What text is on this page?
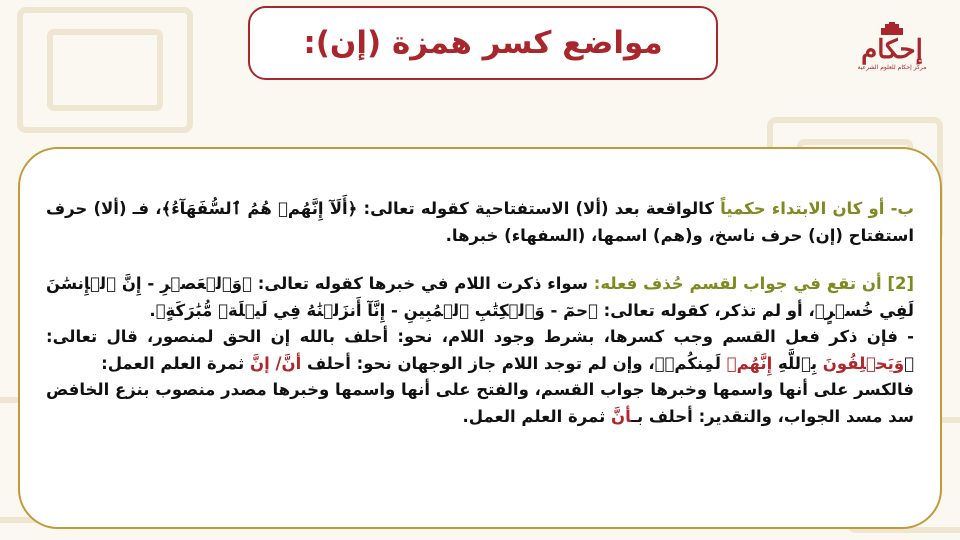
مواضع كسر همزة (إن):	إحكام
مركز إحكام للعلوم الشرعية

ب- أو كان الابتداء حكمياً كالواقعة بعد (ألا) الاستفتاحية كقوله تعالى: ﴿أَلَآ إِنَّهُمۡ هُمُ ٱلسُّفَهَآءُ﴾، فـ (ألا) حرف استفتاح (إن) حرف ناسخ، و(هم) اسمها، (السفهاء) خبرها.

[2] أن تقع في جواب لقسم حُذف فعله: سواء ذكرت اللام في خبرها كقوله تعالى: ﴿وَٱلۡعَصۡرِ - إِنَّ ٱلۡإِنسَٰنَ لَفِي خُسۡرٍ﴾، أو لم تذكر، كقوله تعالى: ﴿حمٓ - وَٱلۡكِتَٰبِ ٱلۡمُبِينِ - إِنَّآ أَنزَلۡنَٰهُ فِي لَيۡلَةٖ مُّبَٰرَكَةٍ﴾.

- فإن ذكر فعل القسم وجب كسرها، بشرط وجود اللام، نحو: أحلف بالله إن الحق لمنصور، قال تعالى: ﴿وَيَحۡلِفُونَ بِٱللَّهِ إِنَّهُمۡ لَمِنكُمۡ﴾، وإن لم توجد اللام جاز الوجهان نحو: أحلف أنَّ/ إنَّ ثمرة العلم العمل:

فالكسر على أنها واسمها وخبرها جواب القسم، والفتح على أنها واسمها وخبرها مصدر منصوب بنزع الخافض سد مسد الجواب، والتقدير: أحلف بـأنَّ ثمرة العلم العمل.
